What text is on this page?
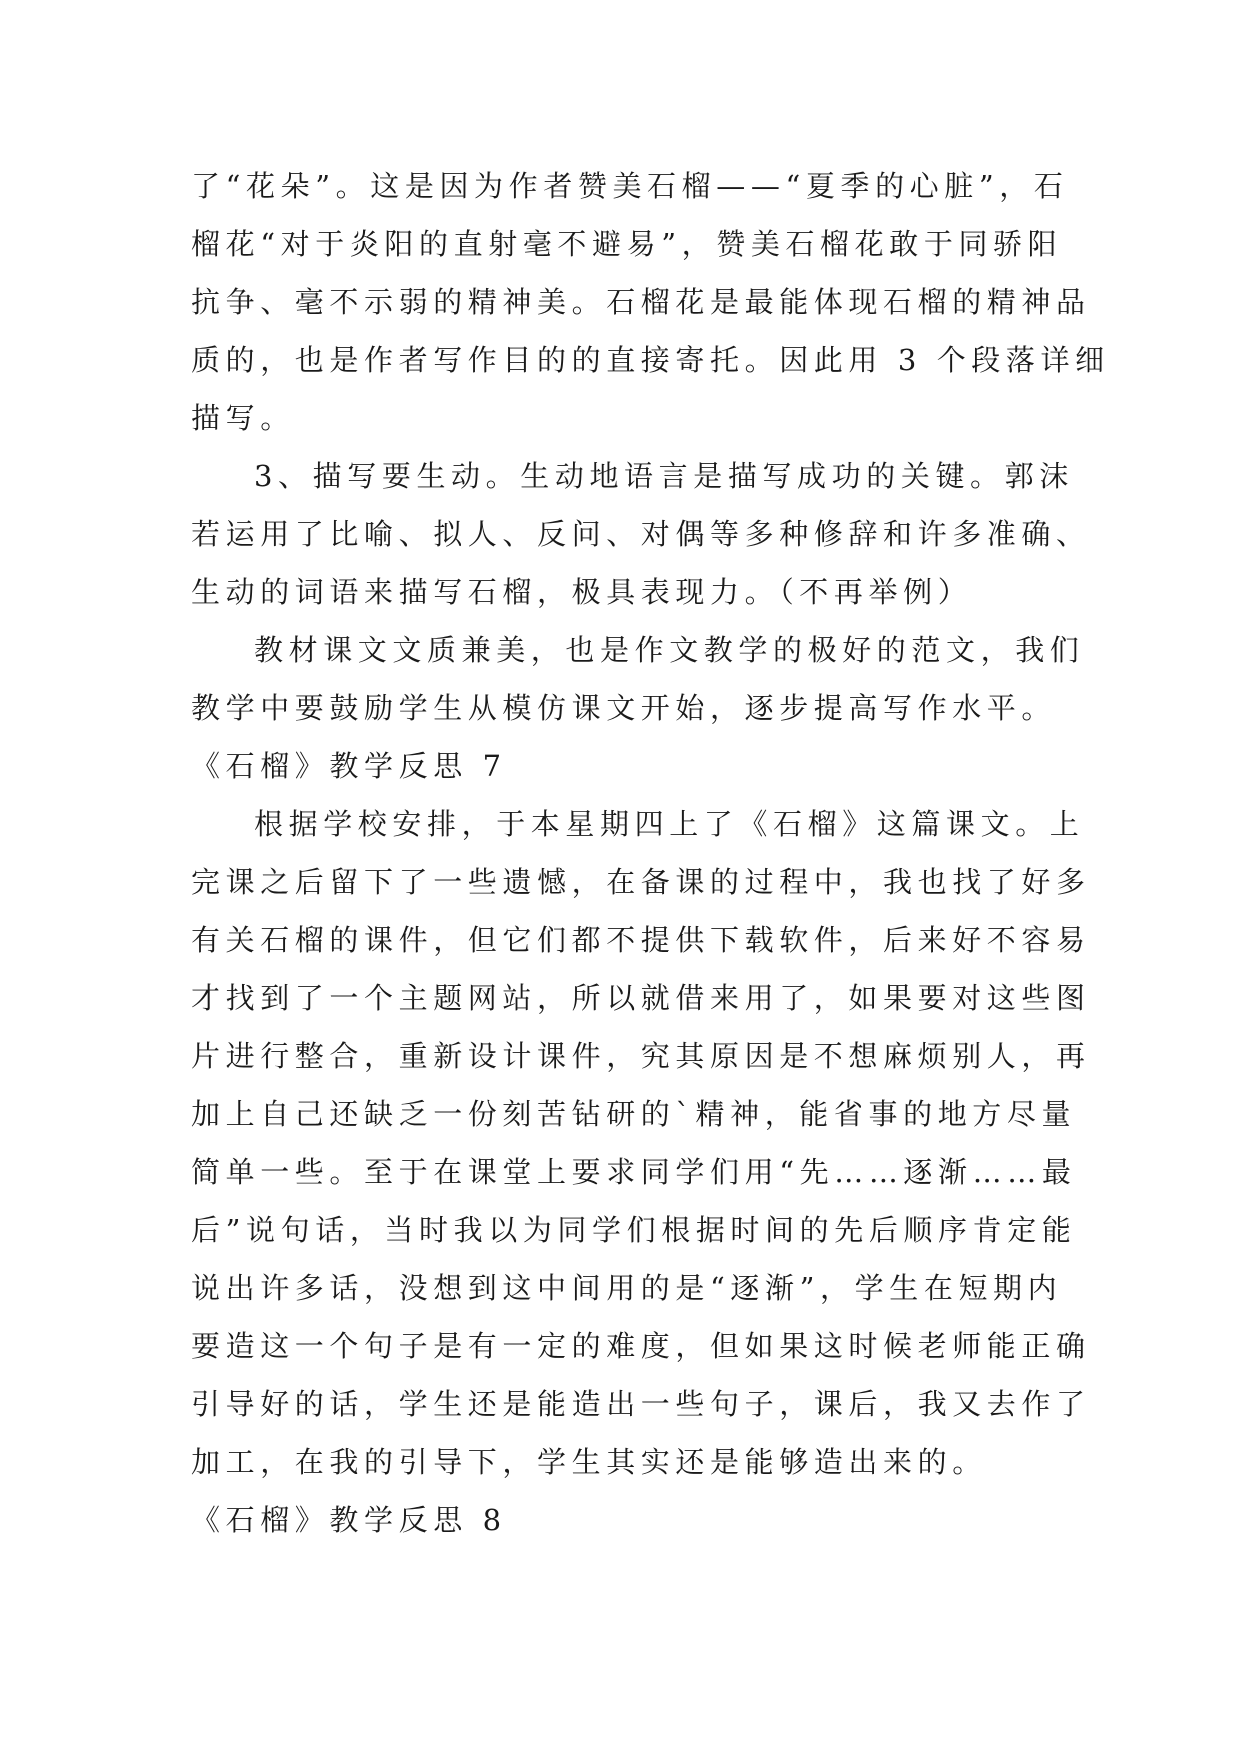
了“花朵”。这是因为作者赞美石榴——“夏季的心脏”，石
榴花“对于炎阳的直射毫不避易”，赞美石榴花敢于同骄阳
抗争、毫不示弱的精神美。石榴花是最能体现石榴的精神品
质的，也是作者写作目的的直接寄托。因此用 3 个段落详细
描写。
3、描写要生动。生动地语言是描写成功的关键。郭沫
若运用了比喻、拟人、反问、对偶等多种修辞和许多准确、
生动的词语来描写石榴，极具表现力。（不再举例）
教材课文文质兼美，也是作文教学的极好的范文，我们
教学中要鼓励学生从模仿课文开始，逐步提高写作水平。
《石榴》教学反思 7
根据学校安排，于本星期四上了《石榴》这篇课文。上
完课之后留下了一些遗憾，在备课的过程中，我也找了好多
有关石榴的课件，但它们都不提供下载软件，后来好不容易
才找到了一个主题网站，所以就借来用了，如果要对这些图
片进行整合，重新设计课件，究其原因是不想麻烦别人，再
加上自己还缺乏一份刻苦钻研的`精神，能省事的地方尽量
简单一些。至于在课堂上要求同学们用“先……逐渐……最
后”说句话，当时我以为同学们根据时间的先后顺序肯定能
说出许多话，没想到这中间用的是“逐渐”，学生在短期内
要造这一个句子是有一定的难度，但如果这时候老师能正确
引导好的话，学生还是能造出一些句子，课后，我又去作了
加工，在我的引导下，学生其实还是能够造出来的。
《石榴》教学反思 8
